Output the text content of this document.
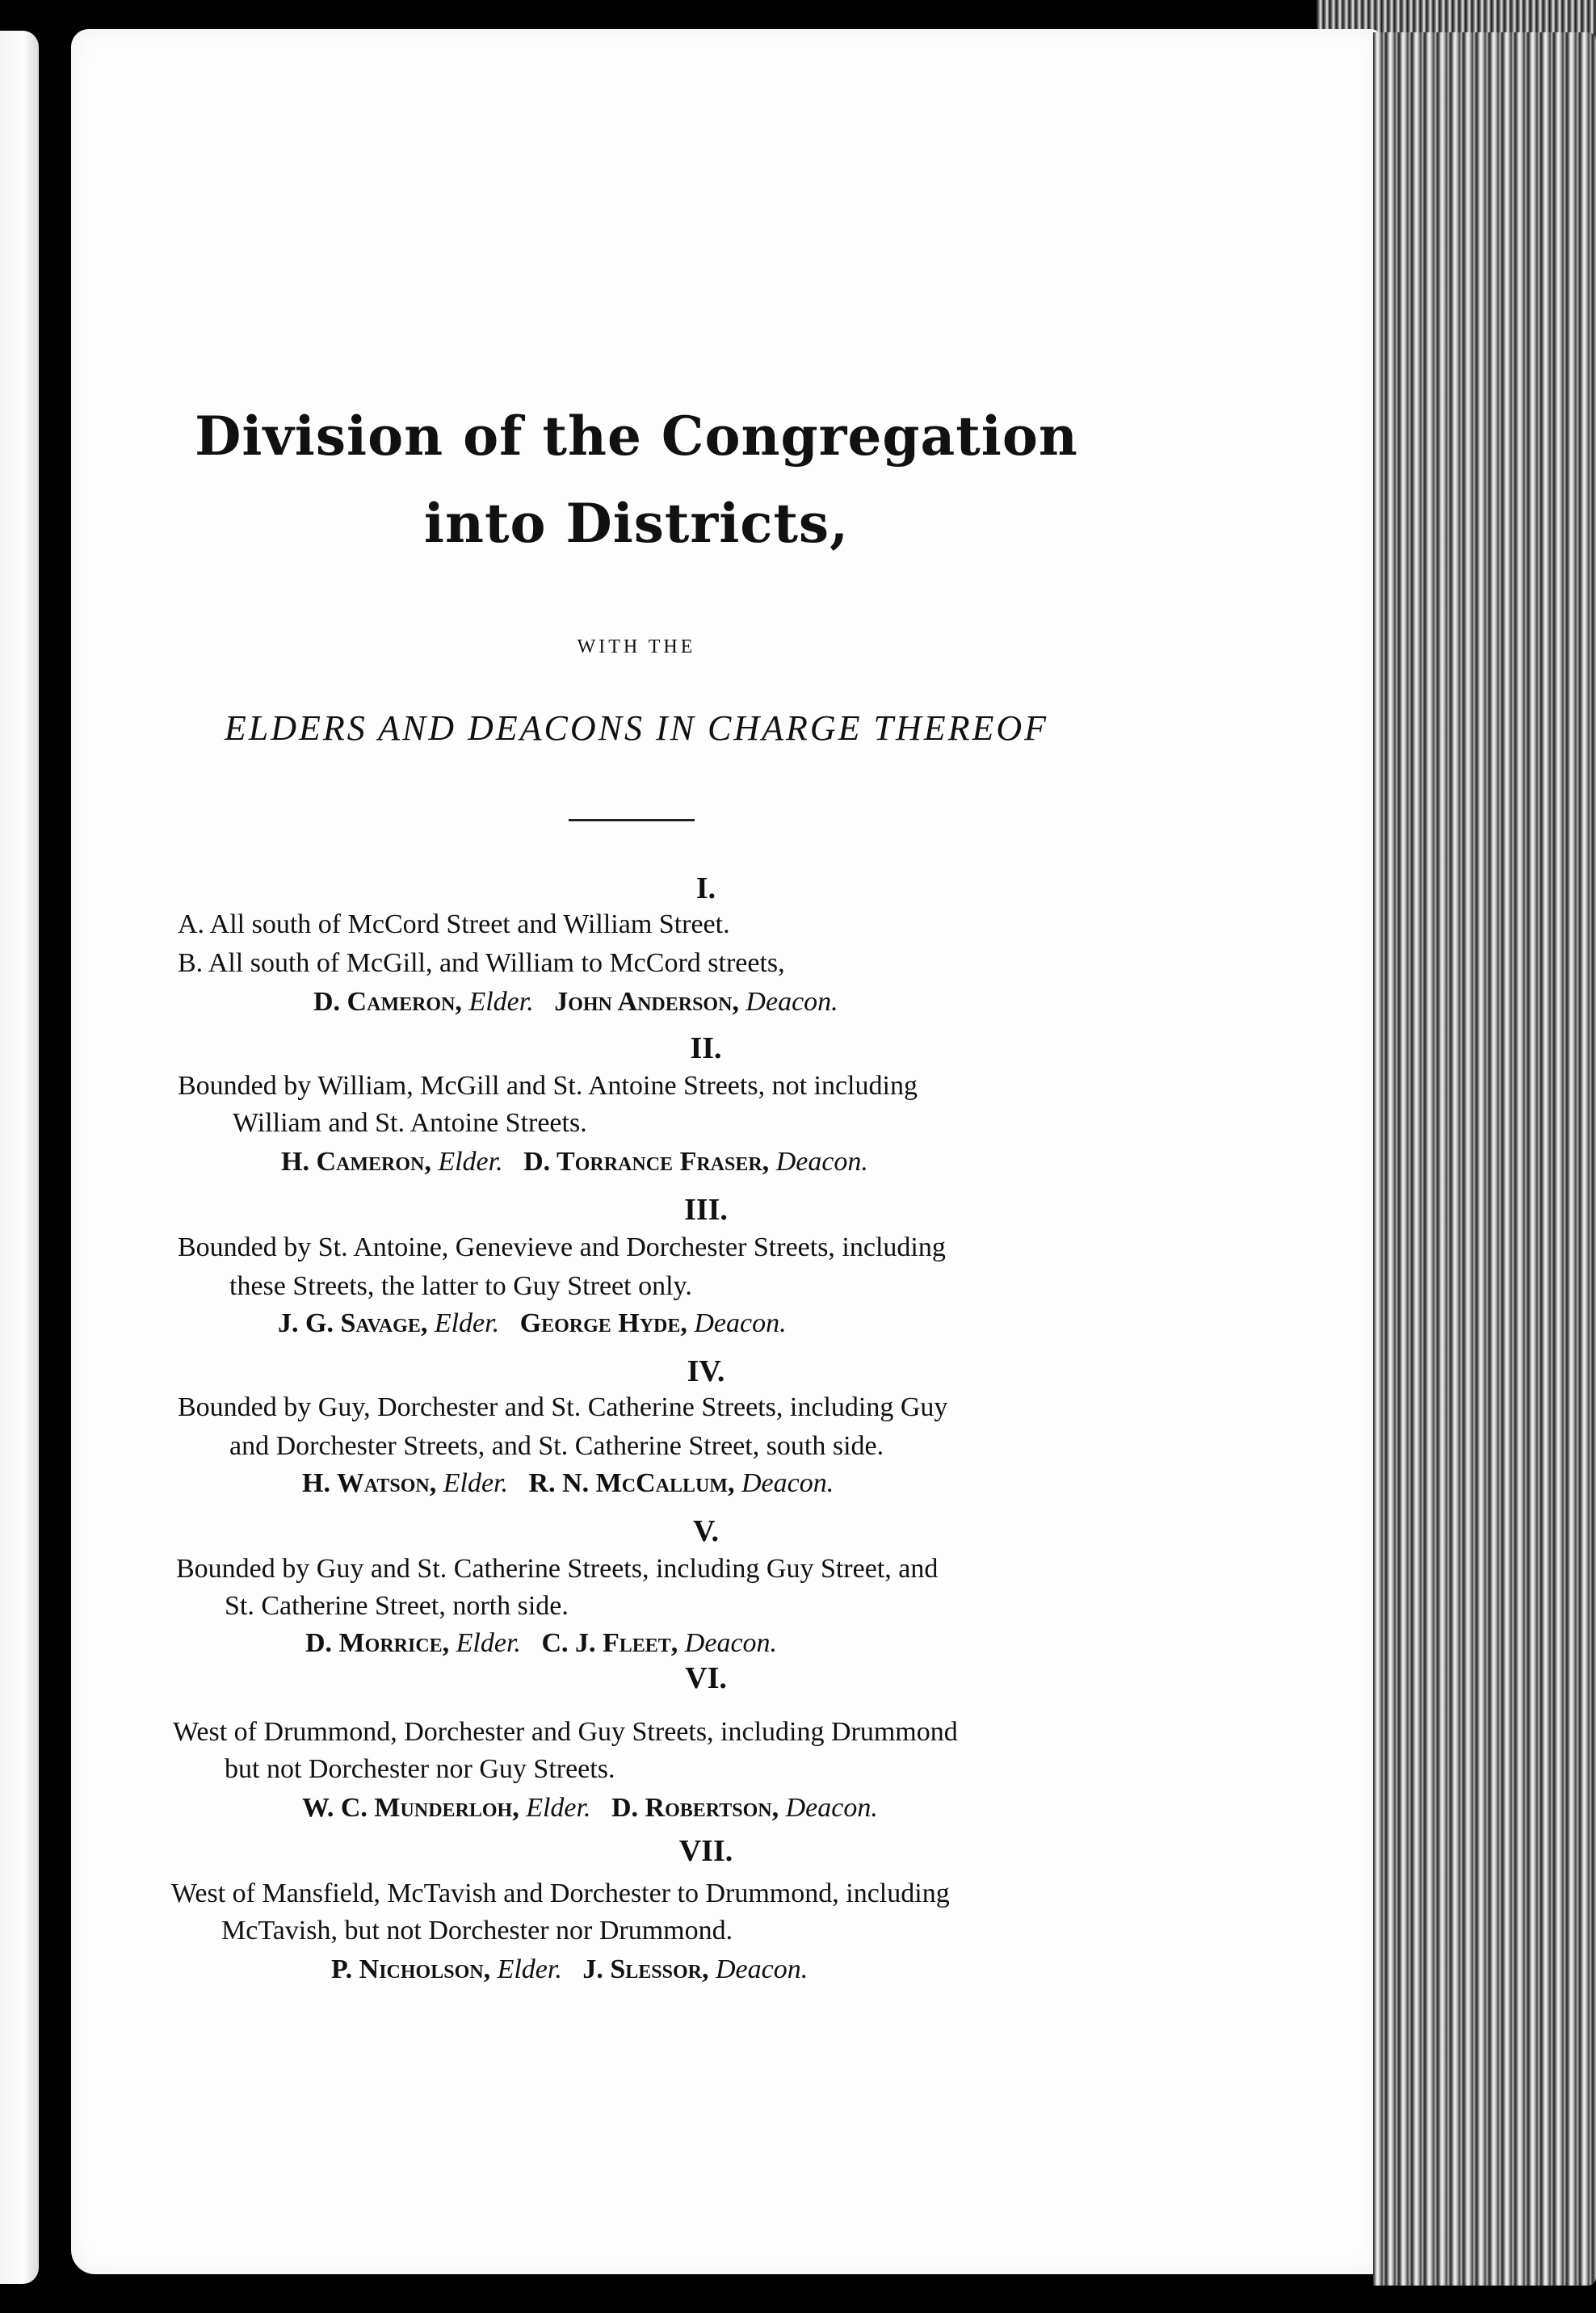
Division of the Congregation
into Districts,
WITH THE
ELDERS AND DEACONS IN CHARGE THEREOF
I.
A. All south of McCord Street and William Street.
B. All south of McGill, and William to McCord streets,
D. Cameron, Elder. John Anderson, Deacon.
II.
Bounded by William, McGill and St. Antoine Streets, not including
William and St. Antoine Streets.
H. Cameron, Elder. D. Torrance Fraser, Deacon.
III.
Bounded by St. Antoine, Genevieve and Dorchester Streets, including
these Streets, the latter to Guy Street only.
J. G. Savage, Elder. George Hyde, Deacon.
IV.
Bounded by Guy, Dorchester and St. Catherine Streets, including Guy
and Dorchester Streets, and St. Catherine Street, south side.
H. Watson, Elder. R. N. McCallum, Deacon.
V.
Bounded by Guy and St. Catherine Streets, including Guy Street, and
St. Catherine Street, north side.
D. Morrice, Elder. C. J. Fleet, Deacon.
VI.
West of Drummond, Dorchester and Guy Streets, including Drummond
but not Dorchester nor Guy Streets.
W. C. Munderloh, Elder. D. Robertson, Deacon.
VII.
West of Mansfield, McTavish and Dorchester to Drummond, including
McTavish, but not Dorchester nor Drummond.
P. Nicholson, Elder. J. Slessor, Deacon.
